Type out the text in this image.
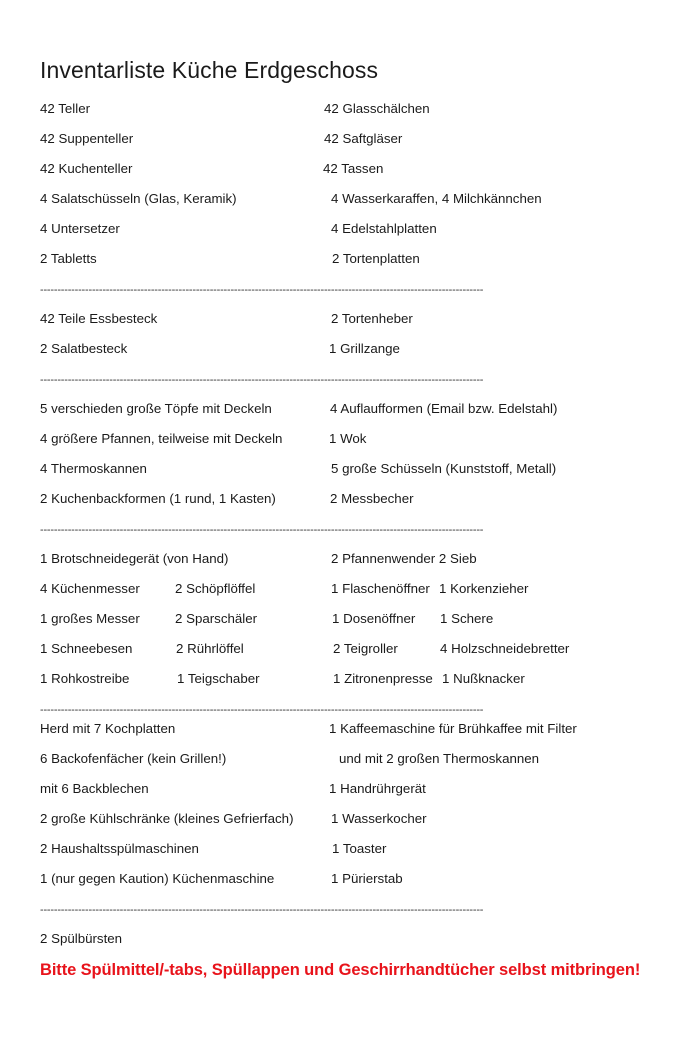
Inventarliste Küche Erdgeschoss
42 Teller	42 Glasschälchen
42 Suppenteller	42 Saftgläser
42 Kuchenteller	42 Tassen
4 Salatschüsseln (Glas, Keramik)	4 Wasserkaraffen, 4 Milchkännchen
4 Untersetzer	4 Edelstahlplatten
2 Tabletts	2 Tortenplatten
--------------------------------------------------------------------------------------------------------------------------------
42 Teile Essbesteck	2 Tortenheber
2 Salatbesteck	1 Grillzange
--------------------------------------------------------------------------------------------------------------------------------
5 verschieden große Töpfe mit Deckeln	4 Auflaufformen (Email bzw. Edelstahl)
4 größere Pfannen, teilweise mit Deckeln	1 Wok
4 Thermoskannen	5 große Schüsseln (Kunststoff, Metall)
2 Kuchenbackformen (1 rund, 1 Kasten)	2 Messbecher
--------------------------------------------------------------------------------------------------------------------------------
1 Brotschneidegerät (von Hand)	2 Pfannenwender 2 Sieb
4 Küchenmesser	2 Schöpflöffel	1 Flaschenöffner 1 Korkenzieher
1 großes Messer	2 Sparschäler	1 Dosenöffner 1 Schere
1 Schneebesen	2 Rührlöffel	2 Teigroller	4 Holzschneidebretter
1 Rohkostreibe	1 Teigschaber	1 Zitronenpresse 1 Nußknacker
--------------------------------------------------------------------------------------------------------------------------------
Herd mit 7 Kochplatten	1 Kaffeemaschine für Brühkaffee mit Filter
6 Backofenfächer (kein Grillen!)	und mit 2 großen Thermoskannen
mit 6 Backblechen	1 Handrührgerät
2 große Kühlschränke (kleines Gefrierfach)	1 Wasserkocher
2 Haushaltsspülmaschinen	1 Toaster
1 (nur gegen Kaution) Küchenmaschine	1 Pürierstab
--------------------------------------------------------------------------------------------------------------------------------
2 Spülbürsten
Bitte Spülmittel/-tabs, Spüllappen und Geschirrhandtücher selbst mitbringen!
